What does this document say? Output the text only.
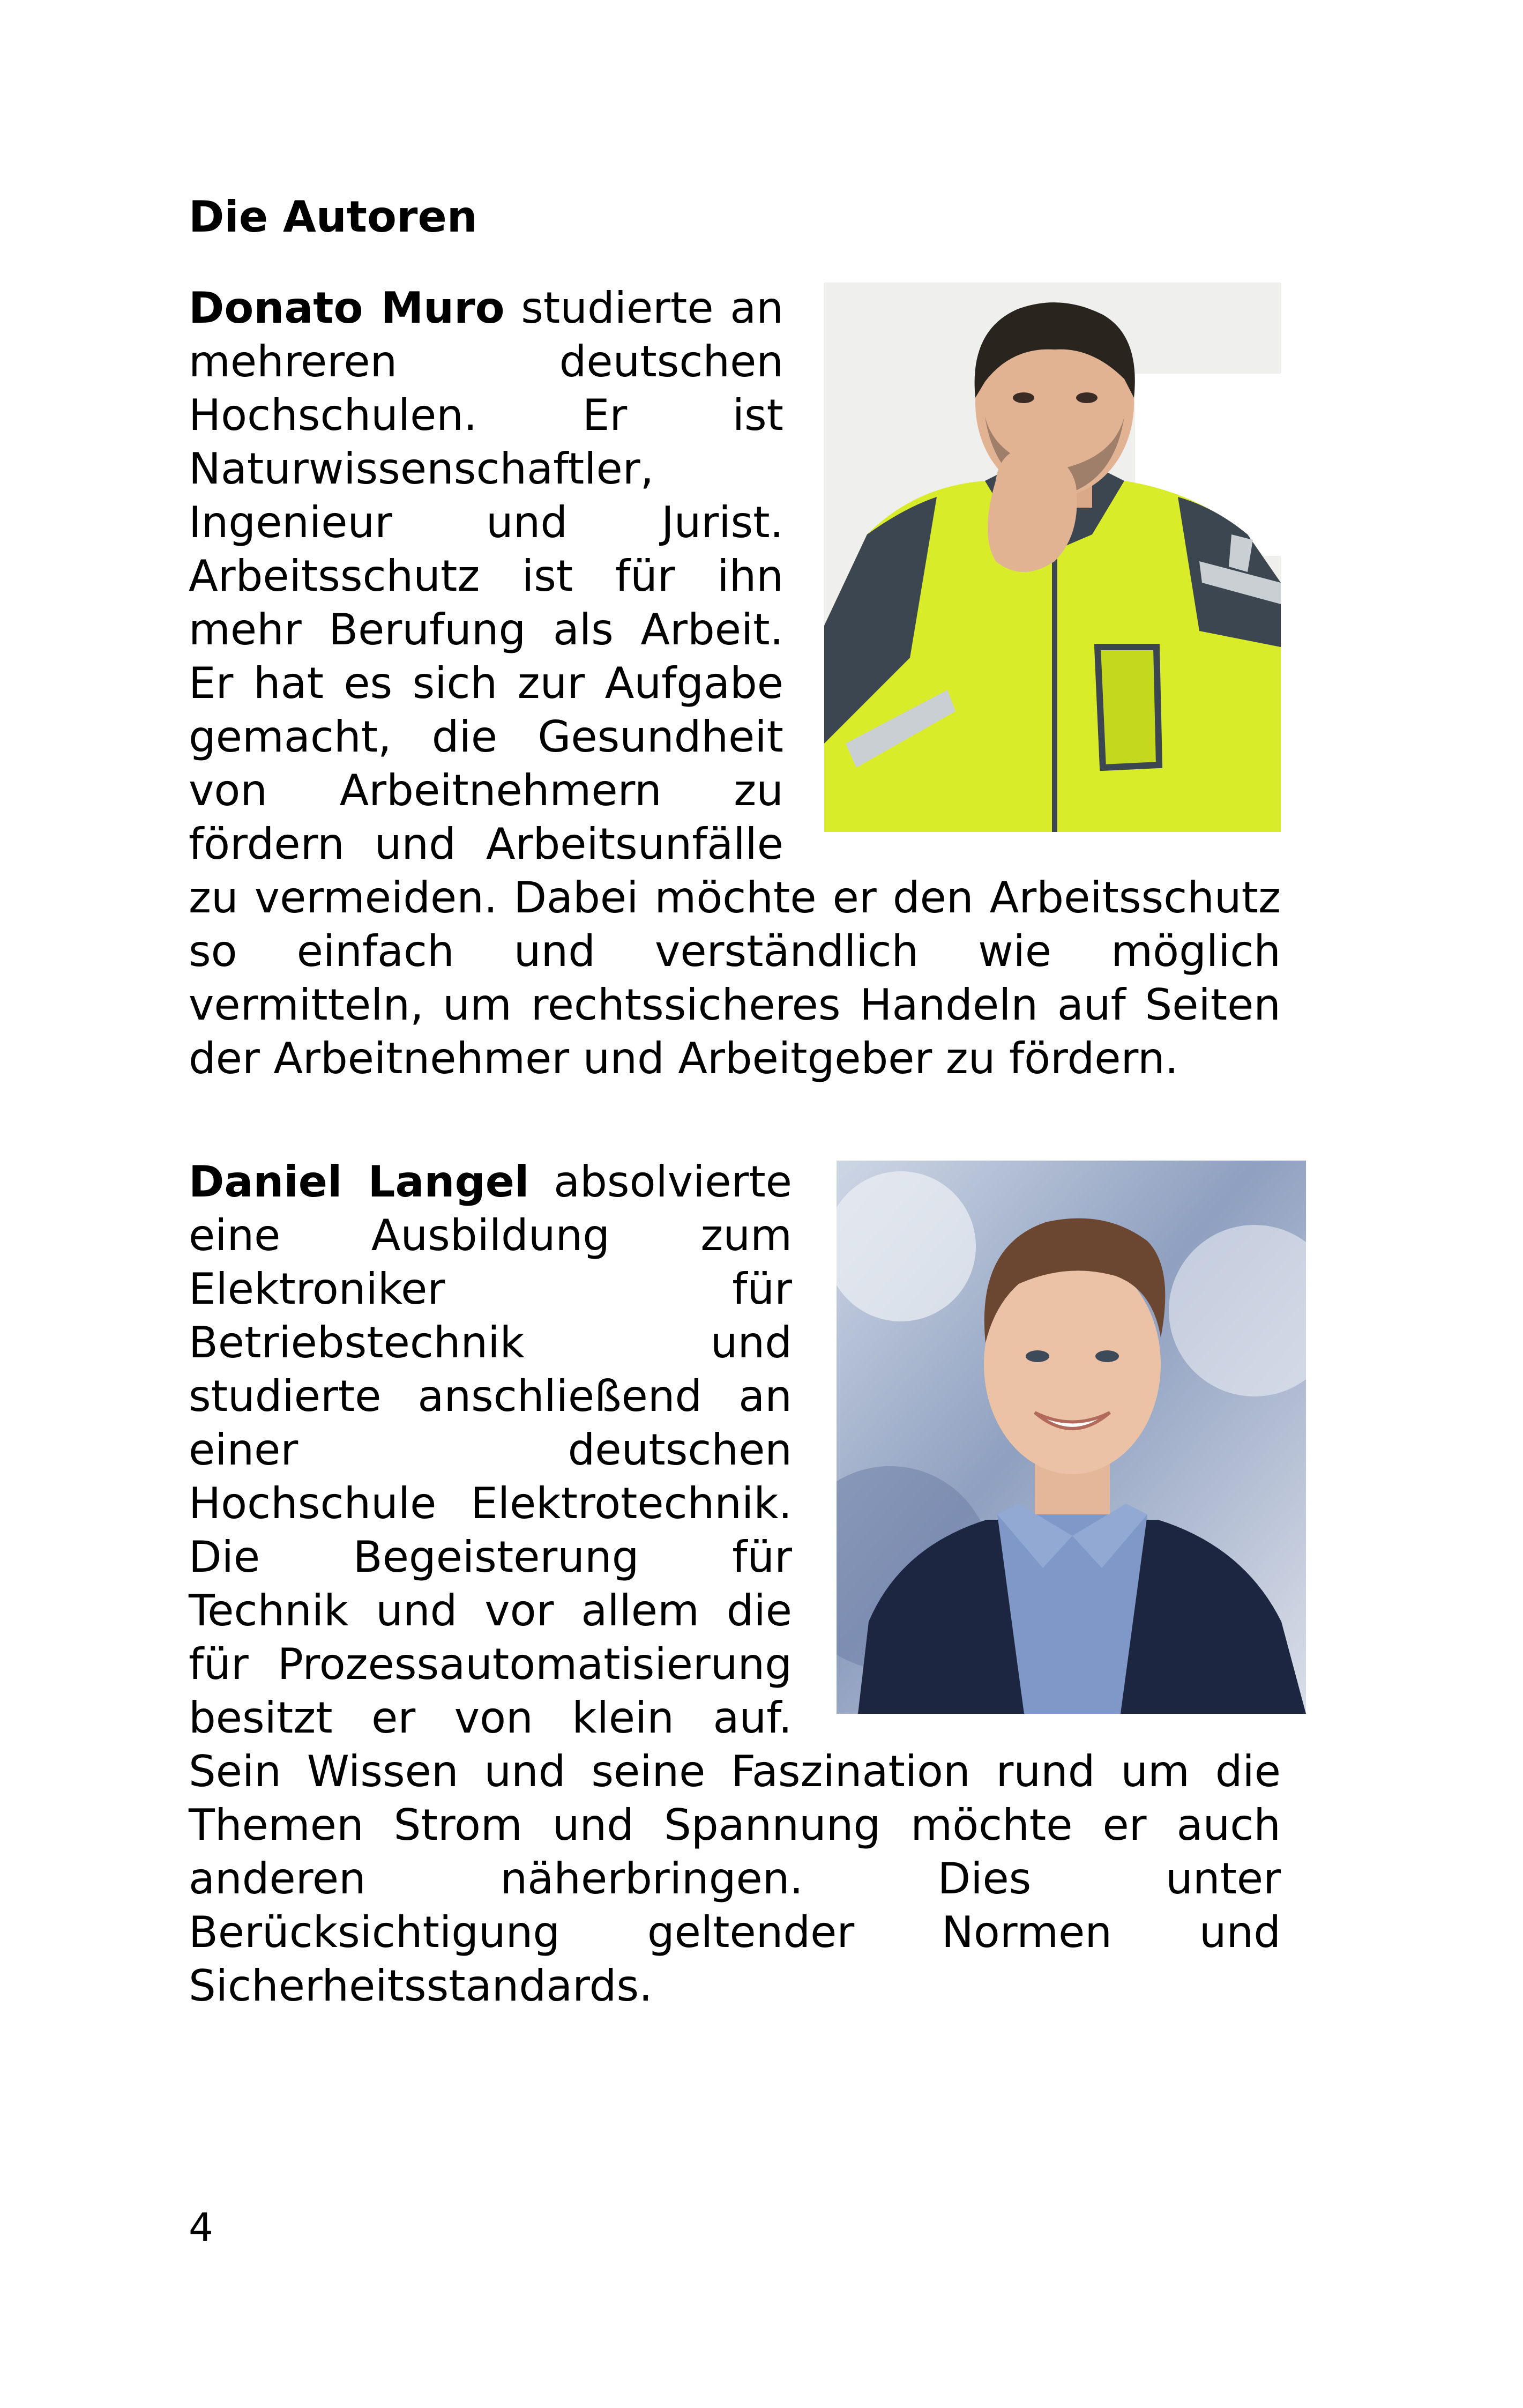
Die Autoren
Donato Muro studierte an mehreren deutschen Hochschulen. Er ist Naturwissenschaftler, Ingenieur und Jurist. Arbeitsschutz ist für ihn mehr Berufung als Arbeit. Er hat es sich zur Aufgabe gemacht, die Gesundheit von Arbeitnehmern zu fördern und Arbeitsunfälle zu vermeiden. Dabei möchte er den Arbeitsschutz so einfach und verständlich wie möglich vermitteln, um rechtssicheres Handeln auf Seiten der Arbeitnehmer und Arbeitgeber zu fördern.
Daniel Langel absolvierte eine Ausbildung zum Elektroniker für Betriebstechnik und studierte anschließend an einer deutschen Hochschule Elektrotechnik. Die Begeisterung für Technik und vor allem die für Prozessautomatisierung besitzt er von klein auf. Sein Wissen und seine Faszination rund um die Themen Strom und Spannung möchte er auch anderen näherbringen. Dies unter Berücksichtigung geltender Normen und Sicherheitsstandards.
4
